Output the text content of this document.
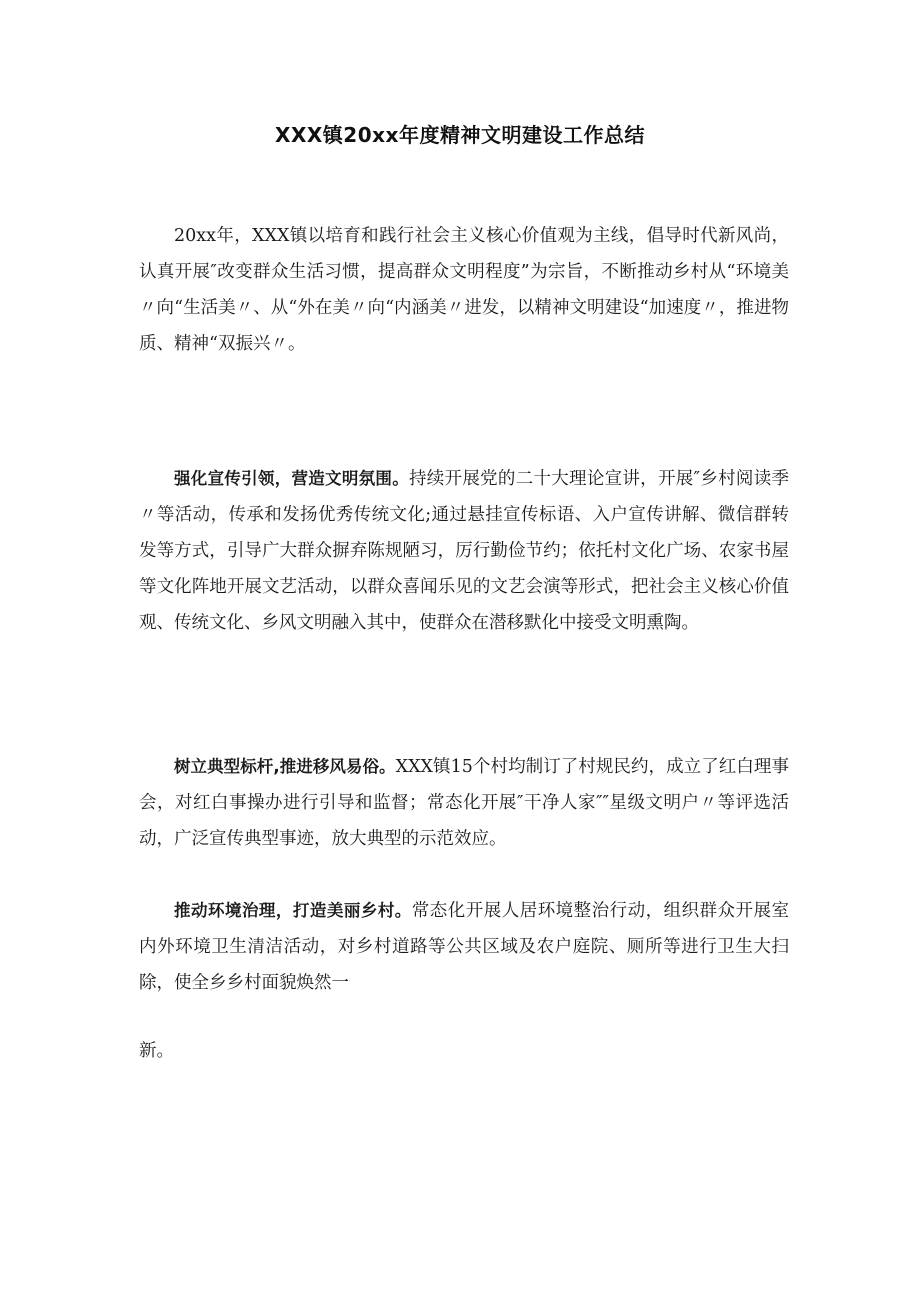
XXX镇20xx年度精神文明建设工作总结

20xx年，XXX镇以培育和践行社会主义核心价值观为主线，倡导时代新风尚，认真开展″改变群众生活习惯，提高群众文明程度”为宗旨，不断推动乡村从“环境美〃向“生活美〃、从“外在美〃向“内涵美〃进发，以精神文明建设“加速度〃，推进物质、精神“双振兴〃。

强化宣传引领，营造文明氛围。持续开展党的二十大理论宣讲，开展″乡村阅读季〃等活动，传承和发扬优秀传统文化;通过悬挂宣传标语、入户宣传讲解、微信群转发等方式，引导广大群众摒弃陈规陋习，厉行勤俭节约；依托村文化广场、农家书屋等文化阵地开展文艺活动，以群众喜闻乐见的文艺会演等形式，把社会主义核心价值观、传统文化、乡风文明融入其中，使群众在潜移默化中接受文明熏陶。

树立典型标杆,推进移风易俗。XXX镇15个村均制订了村规民约，成立了红白理事会，对红白事操办进行引导和监督；常态化开展″干净人家″″星级文明户〃等评选活动，广泛宣传典型事迹，放大典型的示范效应。

推动环境治理，打造美丽乡村。常态化开展人居环境整治行动，组织群众开展室内外环境卫生清洁活动，对乡村道路等公共区域及农户庭院、厕所等进行卫生大扫除，使全乡乡村面貌焕然一

新。
